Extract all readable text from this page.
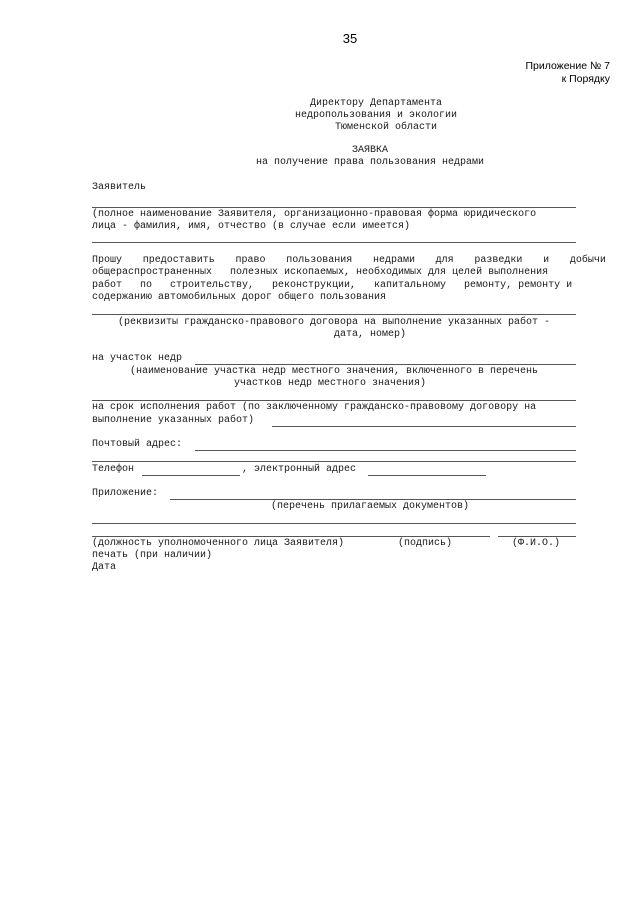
35
Приложение № 7
к Порядку
Директору Департамента
недропользования и экологии
Тюменской области
ЗАЯВКА
на получение права пользования недрами
Заявитель
(полное наименование Заявителя, организационно-правовая форма юридического
лица - фамилия, имя, отчество (в случае если имеется)
Прошу предоставить право пользования недрами для разведки и добычи
общераспространенных   полезных ископаемых, необходимых для целей выполнения
работ   по   строительству,   реконструкции,   капитальному   ремонту, ремонту и
содержанию автомобильных дорог общего пользования
(реквизиты гражданско-правового договора на выполнение указанных работ -
дата, номер)
на участок недр
(наименование участка недр местного значения, включенного в перечень
участков недр местного значения)
на срок исполнения работ (по заключенному гражданско-правовому договору на
выполнение указанных работ)
Почтовый адрес:
Телефон	, электронный адрес
Приложение:
(перечень прилагаемых документов)
(должность уполномоченного лица Заявителя)	(подпись)	(Ф.И.О.)
печать (при наличии)
Дата
